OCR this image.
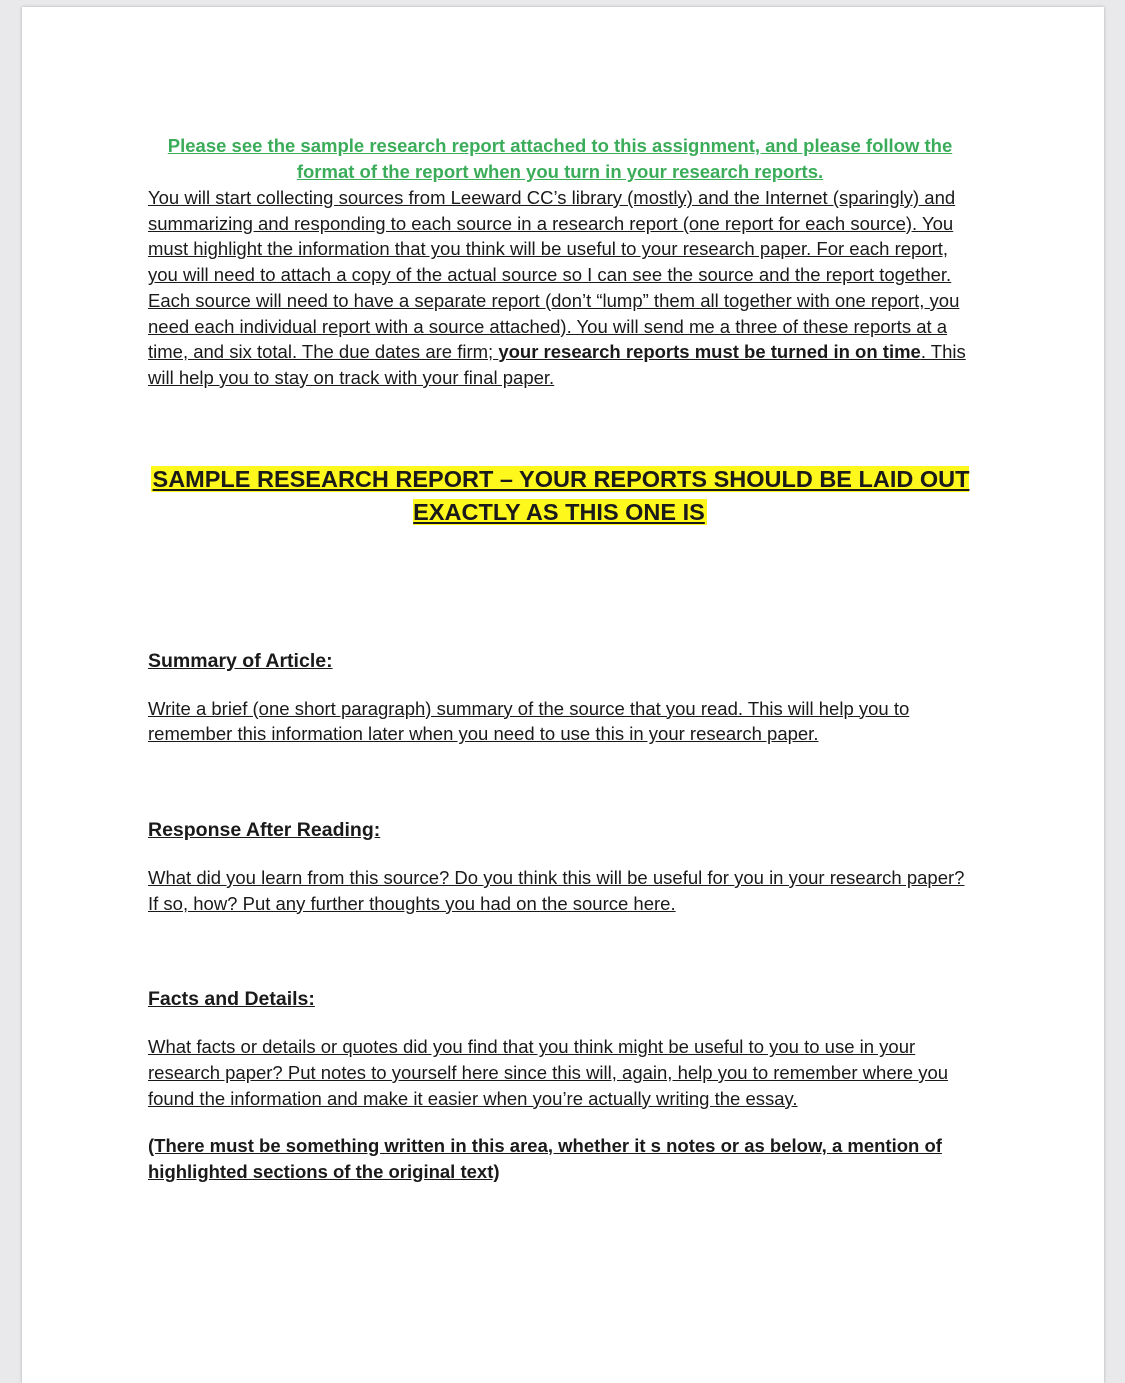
Please see the sample research report attached to this assignment, and please follow the format of the report when you turn in your research reports.

You will start collecting sources from Leeward CC’s library (mostly) and the Internet (sparingly) and summarizing and responding to each source in a research report (one report for each source). You must highlight the information that you think will be useful to your research paper. For each report, you will need to attach a copy of the actual source so I can see the source and the report together. Each source will need to have a separate report (don’t “lump” them all together with one report, you need each individual report with a source attached). You will send me a three of these reports at a time, and six total. The due dates are firm; your research reports must be turned in on time. This will help you to stay on track with your final paper.

SAMPLE RESEARCH REPORT – YOUR REPORTS SHOULD BE LAID OUT EXACTLY AS THIS ONE IS

Summary of Article:

Write a brief (one short paragraph) summary of the source that you read. This will help you to remember this information later when you need to use this in your research paper.

Response After Reading:

What did you learn from this source? Do you think this will be useful for you in your research paper? If so, how? Put any further thoughts you had on the source here.

Facts and Details:

What facts or details or quotes did you find that you think might be useful to you to use in your research paper? Put notes to yourself here since this will, again, help you to remember where you found the information and make it easier when you’re actually writing the essay.

(There must be something written in this area, whether it s notes or as below, a mention of highlighted sections of the original text)
